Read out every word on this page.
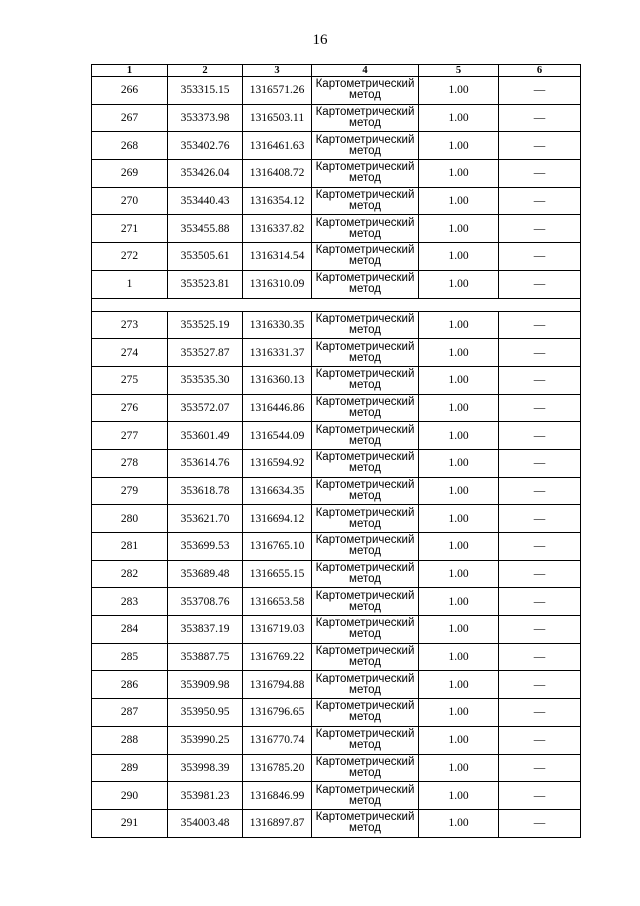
16
1	2	3	4	5	6
266	353315.15	1316571.26	Картометрический метод	1.00	—
267	353373.98	1316503.11	Картометрический метод	1.00	—
268	353402.76	1316461.63	Картометрический метод	1.00	—
269	353426.04	1316408.72	Картометрический метод	1.00	—
270	353440.43	1316354.12	Картометрический метод	1.00	—
271	353455.88	1316337.82	Картометрический метод	1.00	—
272	353505.61	1316314.54	Картометрический метод	1.00	—
1	353523.81	1316310.09	Картометрический метод	1.00	—

273	353525.19	1316330.35	Картометрический метод	1.00	—
274	353527.87	1316331.37	Картометрический метод	1.00	—
275	353535.30	1316360.13	Картометрический метод	1.00	—
276	353572.07	1316446.86	Картометрический метод	1.00	—
277	353601.49	1316544.09	Картометрический метод	1.00	—
278	353614.76	1316594.92	Картометрический метод	1.00	—
279	353618.78	1316634.35	Картометрический метод	1.00	—
280	353621.70	1316694.12	Картометрический метод	1.00	—
281	353699.53	1316765.10	Картометрический метод	1.00	—
282	353689.48	1316655.15	Картометрический метод	1.00	—
283	353708.76	1316653.58	Картометрический метод	1.00	—
284	353837.19	1316719.03	Картометрический метод	1.00	—
285	353887.75	1316769.22	Картометрический метод	1.00	—
286	353909.98	1316794.88	Картометрический метод	1.00	—
287	353950.95	1316796.65	Картометрический метод	1.00	—
288	353990.25	1316770.74	Картометрический метод	1.00	—
289	353998.39	1316785.20	Картометрический метод	1.00	—
290	353981.23	1316846.99	Картометрический метод	1.00	—
291	354003.48	1316897.87	Картометрический метод	1.00	—
